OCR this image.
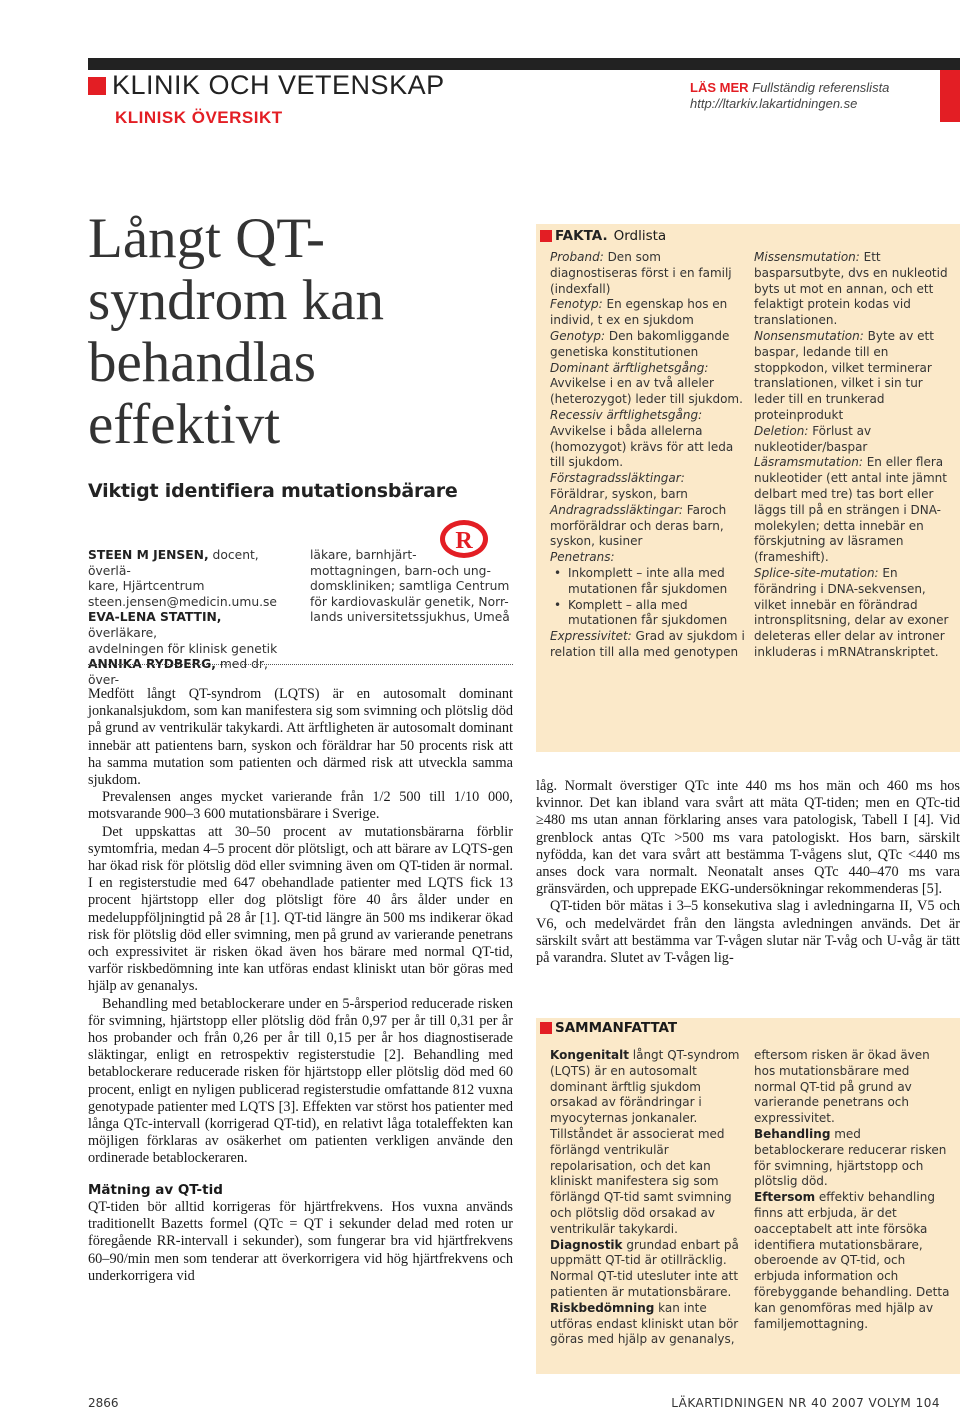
KLINIK OCH VETENSKAP
KLINISK ÖVERSIKT
LÄS MER Fullständig referenslista
http://ltarkiv.lakartidningen.se
Långt QT-
syndrom kan
behandlas
effektivt
Viktigt identifiera mutationsbärare
R
STEEN M JENSEN, docent, överlä-
kare, Hjärtcentrum
steen.jensen@medicin.umu.se
EVA-LENA STATTIN, överläkare,
avdelningen för klinisk genetik
ANNIKA RYDBERG, med dr, över-
läkare, barnhjärt-
mottagningen, barn-och ung-
domskliniken; samtliga Centrum
för kardiovaskulär genetik, Norr-
lands universitetssjukhus, Umeå

Medfött långt QT-syndrom (LQTS) är en autosomalt dominant jonkanalsjukdom, som kan manifestera sig som svimning och plötslig död på grund av ventrikulär takykardi. Att ärftligheten är autosomalt dominant innebär att patientens barn, syskon och föräldrar har 50 procents risk att ha samma mutation som patienten och därmed risk att utveckla samma sjukdom.

Prevalensen anges mycket varierande från 1/2 500 till 1/10 000, motsvarande 900–3 600 mutationsbärare i Sverige.

Det uppskattas att 30–50 procent av mutationsbärarna förblir symtomfria, medan 4–5 procent dör plötsligt, och att bärare av LQTS-gen har ökad risk för plötslig död eller svimning även om QT-tiden är normal. I en registerstudie med 647 obehandlade patienter med LQTS fick 13 procent hjärtstopp eller dog plötsligt före 40 års ålder under en medeluppföljningtid på 28 år [1]. QT-tid längre än 500 ms indikerar ökad risk för plötslig död eller svimning, men på grund av varierande penetrans och expressivitet är risken ökad även hos bärare med normal QT-tid, varför riskbedömning inte kan utföras endast kliniskt utan bör göras med hjälp av genanalys.

Behandling med betablockerare under en 5-årsperiod reducerade risken för svimning, hjärtstopp eller plötslig död från 0,97 per år till 0,31 per år hos probander och från 0,26 per år till 0,15 per år hos diagnostiserade släktingar, enligt en retrospektiv registerstudie [2]. Behandling med betablockerare reducerade risken för hjärtstopp eller plötslig död med 60 procent, enligt en nyligen publicerad registerstudie omfattande 812 vuxna genotypade patienter med LQTS [3]. Effekten var störst hos patienter med långa QTc-intervall (korrigerad QT-tid), en relativt låga totaleffekten kan möjligen förklaras av osäkerhet om patienten verkligen använde den ordinerade betablockeraren.

Mätning av QT-tid

QT-tiden bör alltid korrigeras för hjärtfrekvens. Hos vuxna används traditionellt Bazetts formel (QTc = QT i sekunder delad med roten ur föregående RR-intervall i sekunder), som fungerar bra vid hjärtfrekvens 60–90/min men som tenderar att överkorrigera vid hög hjärtfrekvens och underkorrigera vid

FAKTA. Ordlista

Proband: Den som diagnostiseras först i en familj (indexfall)

Fenotyp: En egenskap hos en individ, t ex en sjukdom

Genotyp: Den bakomliggande genetiska konstitutionen

Dominant ärftlighetsgång: Avvikelse i en av två alleler (heterozygot) leder till sjukdom.

Recessiv ärftlighetsgång: Avvikelse i båda allelerna (homozygot) krävs för att leda till sjukdom.

Förstagradssläktingar: Föräldrar, syskon, barn

Andragradssläktingar: Faroch morföräldrar och deras barn, syskon, kusiner

Penetrans:

• Inkomplett – inte alla med mutationen får sjukdomen
• Komplett – alla med mutationen får sjukdomen

Expressivitet: Grad av sjukdom i relation till alla med genotypen

Missensmutation: Ett basparsutbyte, dvs en nukleotid byts ut mot en annan, och ett felaktigt protein kodas vid translationen.

Nonsensmutation: Byte av ett baspar, ledande till en stoppkodon, vilket terminerar translationen, vilket i sin tur leder till en trunkerad proteinprodukt

Deletion: Förlust av nukleotider/baspar

Läsramsmutation: En eller flera nukleotider (ett antal inte jämnt delbart med tre) tas bort eller läggs till på en strängen i DNA-molekylen; detta innebär en förskjutning av läsramen (frameshift).

Splice-site-mutation: En förändring i DNA-sekvensen, vilket innebär en förändrad intronsplitsning, delar av exoner deleteras eller delar av introner inkluderas i mRNAtranskriptet.

låg. Normalt överstiger QTc inte 440 ms hos män och 460 ms hos kvinnor. Det kan ibland vara svårt att mäta QT-tiden; men en QTc-tid ≥480 ms utan annan förklaring anses vara patologisk, Tabell I [4]. Vid grenblock antas QTc >500 ms vara patologiskt. Hos barn, särskilt nyfödda, kan det vara svårt att bestämma T-vågens slut, QTc <440 ms anses dock vara normalt. Neonatalt anses QTc 440–470 ms vara gränsvärden, och upprepade EKG-undersökningar rekommenderas [5].

QT-tiden bör mätas i 3–5 konsekutiva slag i avledningarna II, V5 och V6, och medelvärdet från den längsta avledningen används. Det är särskilt svårt att bestämma var T-vågen slutar när T-våg och U-våg är tätt på varandra. Slutet av T-vågen lig-

SAMMANFATTAT

Kongenitalt långt QT-syndrom (LQTS) är en autosomalt dominant ärftlig sjukdom orsakad av förändringar i myocyternas jonkanaler. Tillståndet är associerat med förlängd ventrikulär repolarisation, och det kan kliniskt manifestera sig som förlängd QT-tid samt svimning och plötslig död orsakad av ventrikulär takykardi.

Diagnostik grundad enbart på uppmätt QT-tid är otillräcklig. Normal QT-tid utesluter inte att patienten är mutationsbärare.

Riskbedömning kan inte utföras endast kliniskt utan bör göras med hjälp av genanalys,

eftersom risken är ökad även hos mutationsbärare med normal QT-tid på grund av varierande penetrans och expressivitet.

Behandling med betablockerare reducerar risken för svimning, hjärtstopp och plötslig död.

Eftersom effektiv behandling finns att erbjuda, är det oacceptabelt att inte försöka identifiera mutationsbärare, oberoende av QT-tid, och erbjuda information och förebyggande behandling. Detta kan genomföras med hjälp av familjemottagning.

2866	LÄKARTIDNINGEN NR 40 2007 VOLYM 104
